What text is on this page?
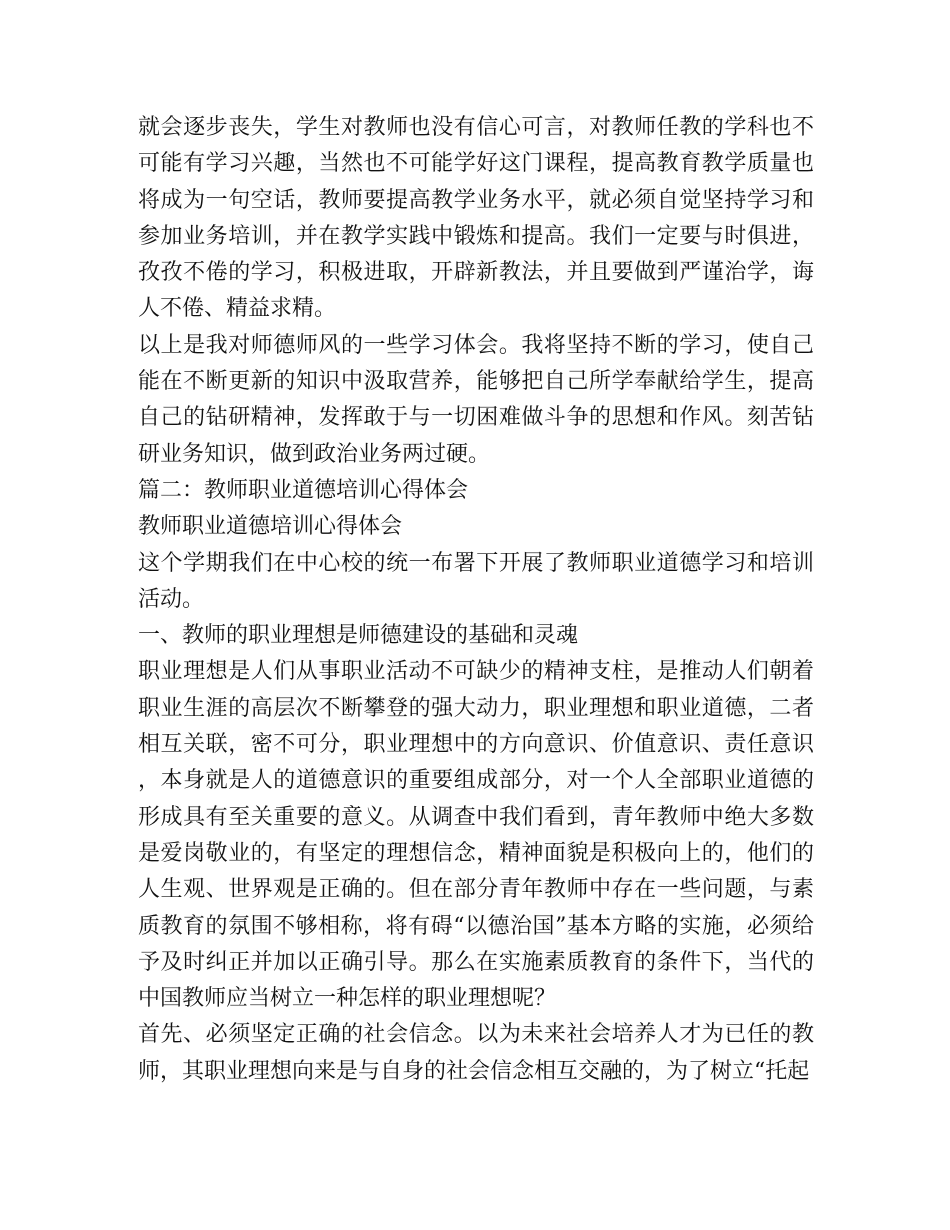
就会逐步丧失，学生对教师也没有信心可言，对教师任教的学科也不可能有学习兴趣，当然也不可能学好这门课程，提高教育教学质量也将成为一句空话，教师要提高教学业务水平，就必须自觉坚持学习和参加业务培训，并在教学实践中锻炼和提高。我们一定要与时俱进，孜孜不倦的学习，积极进取，开辟新教法，并且要做到严谨治学，诲人不倦、精益求精。

以上是我对师德师风的一些学习体会。我将坚持不断的学习，使自己能在不断更新的知识中汲取营养，能够把自己所学奉献给学生，提高自己的钻研精神，发挥敢于与一切困难做斗争的思想和作风。刻苦钻研业务知识，做到政治业务两过硬。

篇二：教师职业道德培训心得体会

教师职业道德培训心得体会

这个学期我们在中心校的统一布署下开展了教师职业道德学习和培训活动。

一、教师的职业理想是师德建设的基础和灵魂

职业理想是人们从事职业活动不可缺少的精神支柱，是推动人们朝着职业生涯的高层次不断攀登的强大动力，职业理想和职业道德，二者相互关联，密不可分，职业理想中的方向意识、价值意识、责任意识，本身就是人的道德意识的重要组成部分，对一个人全部职业道德的形成具有至关重要的意义。从调查中我们看到，青年教师中绝大多数是爱岗敬业的，有坚定的理想信念，精神面貌是积极向上的，他们的人生观、世界观是正确的。但在部分青年教师中存在一些问题，与素质教育的氛围不够相称，将有碍“以德治国”基本方略的实施，必须给予及时纠正并加以正确引导。那么在实施素质教育的条件下，当代的中国教师应当树立一种怎样的职业理想呢？

首先、必须坚定正确的社会信念。以为未来社会培养人才为已任的教师，其职业理想向来是与自身的社会信念相互交融的，为了树立“托起
